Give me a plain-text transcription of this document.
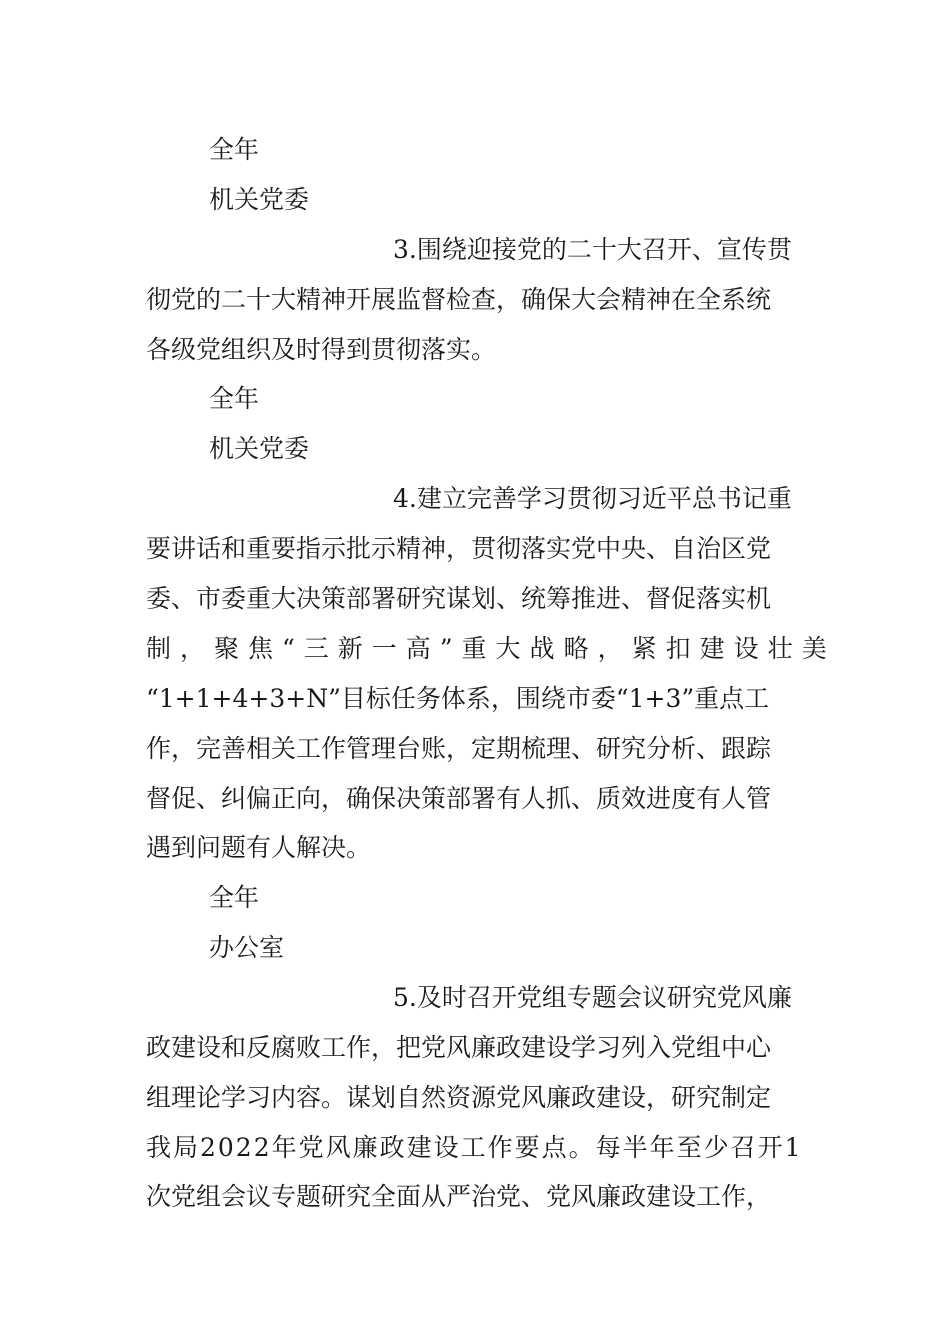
全年
机关党委
3.围绕迎接党的二十大召开、宣传贯
彻党的二十大精神开展监督检查，确保大会精神在全系统
各级党组织及时得到贯彻落实。
全年
机关党委
4.建立完善学习贯彻习近平总书记重
要讲话和重要指示批示精神，贯彻落实党中央、自治区党
委、市委重大决策部署研究谋划、统筹推进、督促落实机
制，聚焦“三新一高”重大战略，紧扣建设壮美
“1+1+4+3+N”目标任务体系，围绕市委“1+3”重点工
作，完善相关工作管理台账，定期梳理、研究分析、跟踪
督促、纠偏正向，确保决策部署有人抓、质效进度有人管
遇到问题有人解决。
全年
办公室
5.及时召开党组专题会议研究党风廉
政建设和反腐败工作，把党风廉政建设学习列入党组中心
组理论学习内容。谋划自然资源党风廉政建设，研究制定
我局2022年党风廉政建设工作要点。每半年至少召开1
次党组会议专题研究全面从严治党、党风廉政建设工作，
